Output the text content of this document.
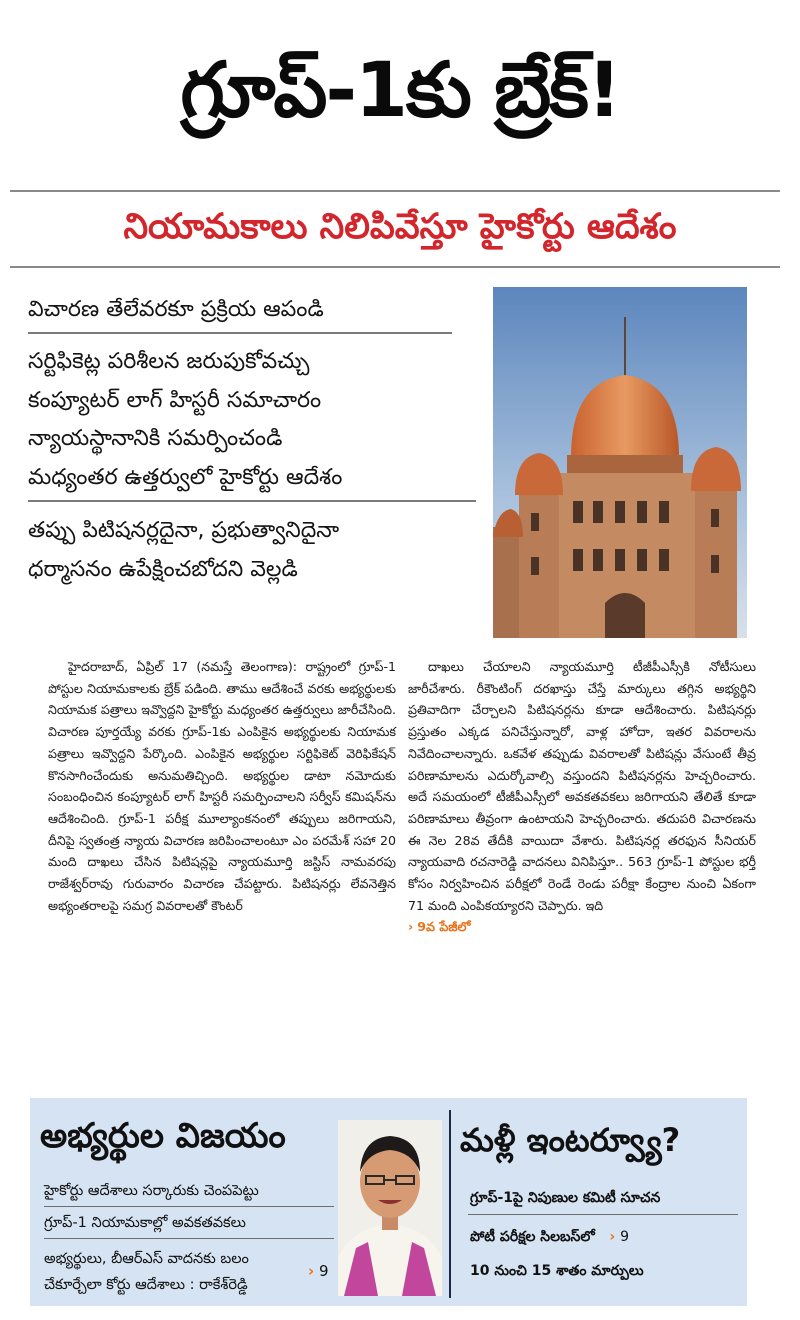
గ్రూప్-1కు బ్రేక్!
నియామకాలు నిలిపివేస్తూ హైకోర్టు ఆదేశం
విచారణ తేలేవరకూ ప్రక్రియ ఆపండి
సర్టిఫికెట్ల పరిశీలన జరుపుకోవచ్చు
కంప్యూటర్ లాగ్ హిస్టరీ సమాచారం
న్యాయస్థానానికి సమర్పించండి
మధ్యంతర ఉత్తర్వులో హైకోర్టు ఆదేశం
తప్పు పిటిషనర్లదైనా, ప్రభుత్వానిదైనా
ధర్మాసనం ఉపేక్షించబోదని వెల్లడి

హైదరాబాద్, ఏప్రిల్ 17 (నమస్తే తెలంగాణ): రాష్ట్రంలో గ్రూప్-1 పోస్టుల నియామకాలకు బ్రేక్ పడింది. తాము ఆదేశించే వరకు అభ్యర్థులకు నియామక పత్రాలు ఇవ్వొద్దని హైకోర్టు మధ్యంతర ఉత్తర్వులు జారీచేసింది. విచారణ పూర్తయ్యే వరకు గ్రూప్-1కు ఎంపికైన అభ్యర్థులకు నియామక పత్రాలు ఇవ్వొద్దని పేర్కొంది. ఎంపికైన అభ్యర్థుల సర్టిఫికెట్ వెరిఫికేషన్ కొనసాగించేందుకు అనుమతిచ్చింది. అభ్యర్థుల డాటా నమోదుకు సంబంధించిన కంప్యూటర్ లాగ్ హిస్టరీ సమర్పించాలని సర్వీస్ కమిషన్‌ను ఆదేశించింది. గ్రూప్-1 పరీక్ష మూల్యాంకనంలో తప్పులు జరిగాయని, దీనిపై స్వతంత్ర న్యాయ విచారణ జరిపించాలంటూ ఎం పరమేశ్ సహా 20 మంది దాఖలు చేసిన పిటిషన్లపై న్యాయమూర్తి జస్టిస్ నామవరపు రాజేశ్వర్‌రావు గురువారం విచారణ చేపట్టారు. పిటిషనర్లు లేవనెత్తిన అభ్యంతరాలపై సమగ్ర వివరాలతో కౌంటర్

దాఖలు చేయాలని న్యాయమూర్తి టీజీపీఎస్సీకి నోటీసులు జారీచేశారు. రీకౌంటింగ్ దరఖాస్తు చేస్తే మార్కులు తగ్గిన అభ్యర్థిని ప్రతివాదిగా చేర్చాలని పిటిషనర్లను కూడా ఆదేశించారు. పిటిషనర్లు ప్రస్తుతం ఎక్కడ పనిచేస్తున్నారో, వాళ్ల హోదా, ఇతర వివరాలను నివేదించాలన్నారు. ఒకవేళ తప్పుడు వివరాలతో పిటిషన్లు వేసుంటే తీవ్ర పరిణామాలను ఎదుర్కోవాల్సి వస్తుందని పిటిషనర్లను హెచ్చరించారు. అదే సమయంలో టీజీపీఎస్సీలో అవకతవకలు జరిగాయని తేలితే కూడా పరిణామాలు తీవ్రంగా ఉంటాయని హెచ్చరించారు. తదుపరి విచారణను ఈ నెల 28వ తేదీకి వాయిదా వేశారు. పిటిషనర్ల తరఫున సీనియర్ న్యాయవాది రచనారెడ్డి వాదనలు వినిపిస్తూ.. 563 గ్రూప్-1 పోస్టుల భర్తీ కోసం నిర్వహించిన పరీక్షలో రెండే రెండు పరీక్షా కేంద్రాల నుంచి ఏకంగా 71 మంది ఎంపికయ్యారని చెప్పారు. ఇది

› 9వ పేజీలో
అభ్యర్థుల విజయం
హైకోర్టు ఆదేశాలు సర్కారుకు చెంపపెట్టు
గ్రూప్-1 నియామకాల్లో అవకతవకలు
అభ్యర్థులు, బీఆర్‌ఎస్ వాదనకు బలం
చేకూర్చేలా కోర్టు ఆదేశాలు : రాకేశ్‌రెడ్డి
› 9
మళ్లీ ఇంటర్వ్యూ?
గ్రూప్-1పై నిపుణుల కమిటీ సూచన
పోటీ పరీక్షల సిలబస్‌లో › 9
10 నుంచి 15 శాతం మార్పులు
